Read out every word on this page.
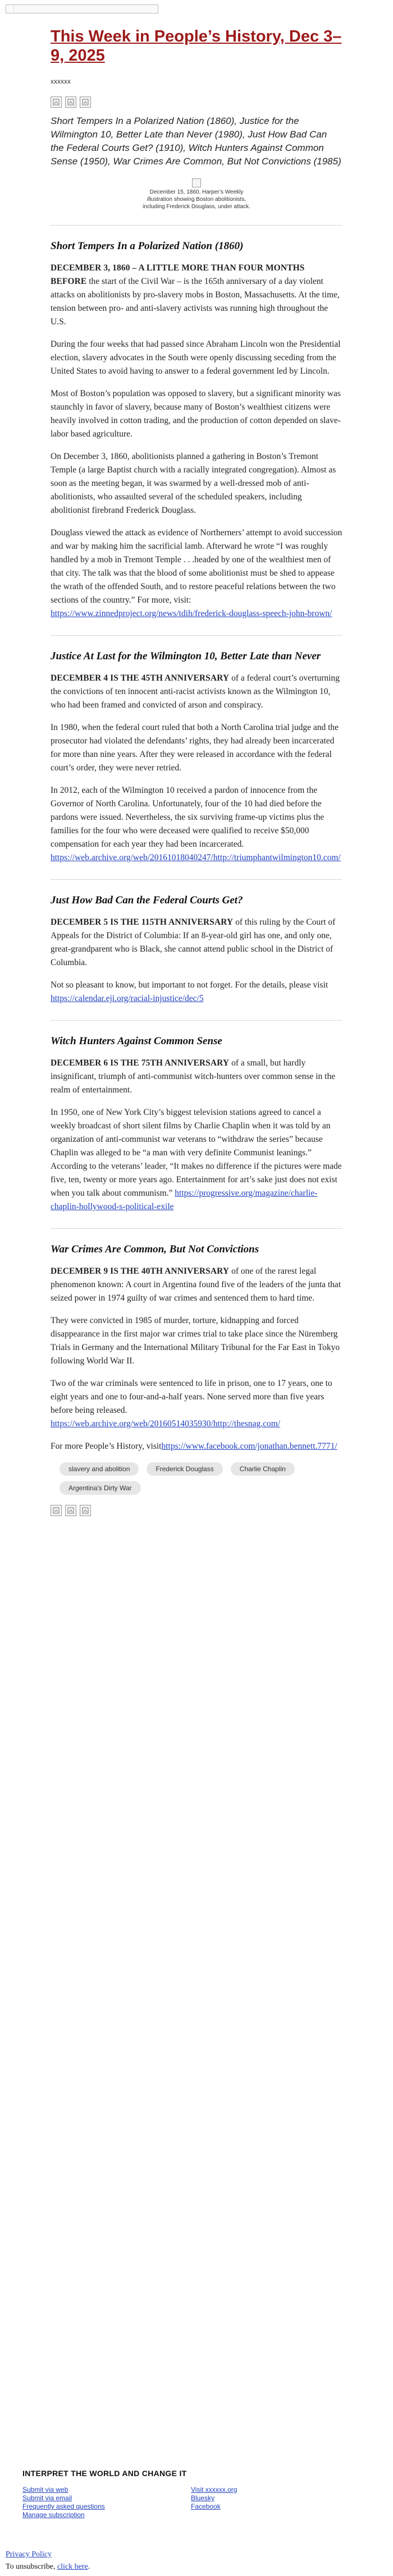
This Week in People’s History, Dec 3–9, 2025
xxxxxx
Short Tempers In a Polarized Nation (1860), Justice for the Wilmington 10, Better Late than Never (1980), Just How Bad Can the Federal Courts Get? (1910), Witch Hunters Against Common Sense (1950), War Crimes Are Common, But Not Convictions (1985)
December 15, 1860, Harper’s Weekly illustration showing Boston abolitionists, including Frederick Douglass, under attack.
Short Tempers In a Polarized Nation (1860)

DECEMBER 3, 1860 – A LITTLE MORE THAN FOUR MONTHS BEFORE the start of the Civil War – is the 165th anniversary of a day violent attacks on abolitionists by pro-slavery mobs in Boston, Massachusetts. At the time, tension between pro- and anti-slavery activists was running high throughout the U.S.

During the four weeks that had passed since Abraham Lincoln won the Presidential election, slavery advocates in the South were openly discussing seceding from the United States to avoid having to answer to a federal government led by Lincoln.

Most of Boston’s population was opposed to slavery, but a significant minority was staunchly in favor of slavery, because many of Boston’s wealthiest citizens were heavily involved in cotton trading, and the production of cotton depended on slave-labor based agriculture.

On December 3, 1860, abolitionists planned a gathering in Boston’s Tremont Temple (a large Baptist church with a racially integrated congregation). Almost as soon as the meeting began, it was swarmed by a well-dressed mob of anti-abolitionists, who assaulted several of the scheduled speakers, including abolitionist firebrand Frederick Douglass.

Douglass viewed the attack as evidence of Northerners’ attempt to avoid succession and war by making him the sacrificial lamb. Afterward he wrote “I was roughly handled by a mob in Tremont Temple . . .headed by one of the wealthiest men of that city. The talk was that the blood of some abolitionist must be shed to appease the wrath of the offended South, and to restore peaceful relations between the two sections of the country.” For more, visit: https://www.zinnedproject.org/news/tdih/frederick-douglass-speech-john-brown/

Justice At Last for the Wilmington 10, Better Late than Never

DECEMBER 4 IS THE 45TH ANNIVERSARY of a federal court’s overturning the convictions of ten innocent anti-racist activists known as the Wilmington 10, who had been framed and convicted of arson and conspiracy.

In 1980, when the federal court ruled that both a North Carolina trial judge and the prosecutor had violated the defendants’ rights, they had already been incarcerated for more than nine years. After they were released in accordance with the federal court’s order, they were never retried.

In 2012, each of the Wilmington 10 received a pardon of innocence from the Governor of North Carolina. Unfortunately, four of the 10 had died before the pardons were issued. Nevertheless, the six surviving frame-up victims plus the families for the four who were deceased were qualified to receive $50,000 compensation for each year they had been incarcerated.
https://web.archive.org/web/20161018040247/http://triumphantwilmington10.com/

Just How Bad Can the Federal Courts Get?

DECEMBER 5 IS THE 115TH ANNIVERSARY of this ruling by the Court of Appeals for the District of Columbia: If an 8-year-old girl has one, and only one, great-grandparent who is Black, she cannot attend public school in the District of Columbia.

Not so pleasant to know, but important to not forget. For the details, please visit https://calendar.eji.org/racial-injustice/dec/5

Witch Hunters Against Common Sense

DECEMBER 6 IS THE 75TH ANNIVERSARY of a small, but hardly insignificant, triumph of anti-communist witch-hunters over common sense in the realm of entertainment.

In 1950, one of New York City’s biggest television stations agreed to cancel a weekly broadcast of short silent films by Charlie Chaplin when it was told by an organization of anti-communist war veterans to “withdraw the series” because Chaplin was alleged to be “a man with very definite Communist leanings.” According to the veterans’ leader, “It makes no difference if the pictures were made five, ten, twenty or more years ago. Entertainment for art’s sake just does not exist when you talk about communism.” https://progressive.org/magazine/charlie-chaplin-hollywood-s-political-exile

War Crimes Are Common, But Not Convictions

DECEMBER 9 IS THE 40TH ANNIVERSARY of one of the rarest legal phenomenon known: A court in Argentina found five of the leaders of the junta that seized power in 1974 guilty of war crimes and sentenced them to hard time.

They were convicted in 1985 of murder, torture, kidnapping and forced disappearance in the first major war crimes trial to take place since the Nüremberg Trials in Germany and the International Military Tribunal for the Far East in Tokyo following World War II.

Two of the war criminals were sentenced to life in prison, one to 17 years, one to eight years and one to four-and-a-half years. None served more than five years before being released. https://web.archive.org/web/20160514035930/http://thesnag.com/

For more People’s History, visithttps://www.facebook.com/jonathan.bennett.7771/

slavery and abolition	Frederick Douglass	Charlie Chaplin
Argentina's Dirty War
INTERPRET THE WORLD AND CHANGE IT
Submit via web
Submit via email
Frequently asked questions
Manage subscription
Visit xxxxxx.org
Bluesky
Facebook
Privacy Policy
To unsubscribe, click here.
